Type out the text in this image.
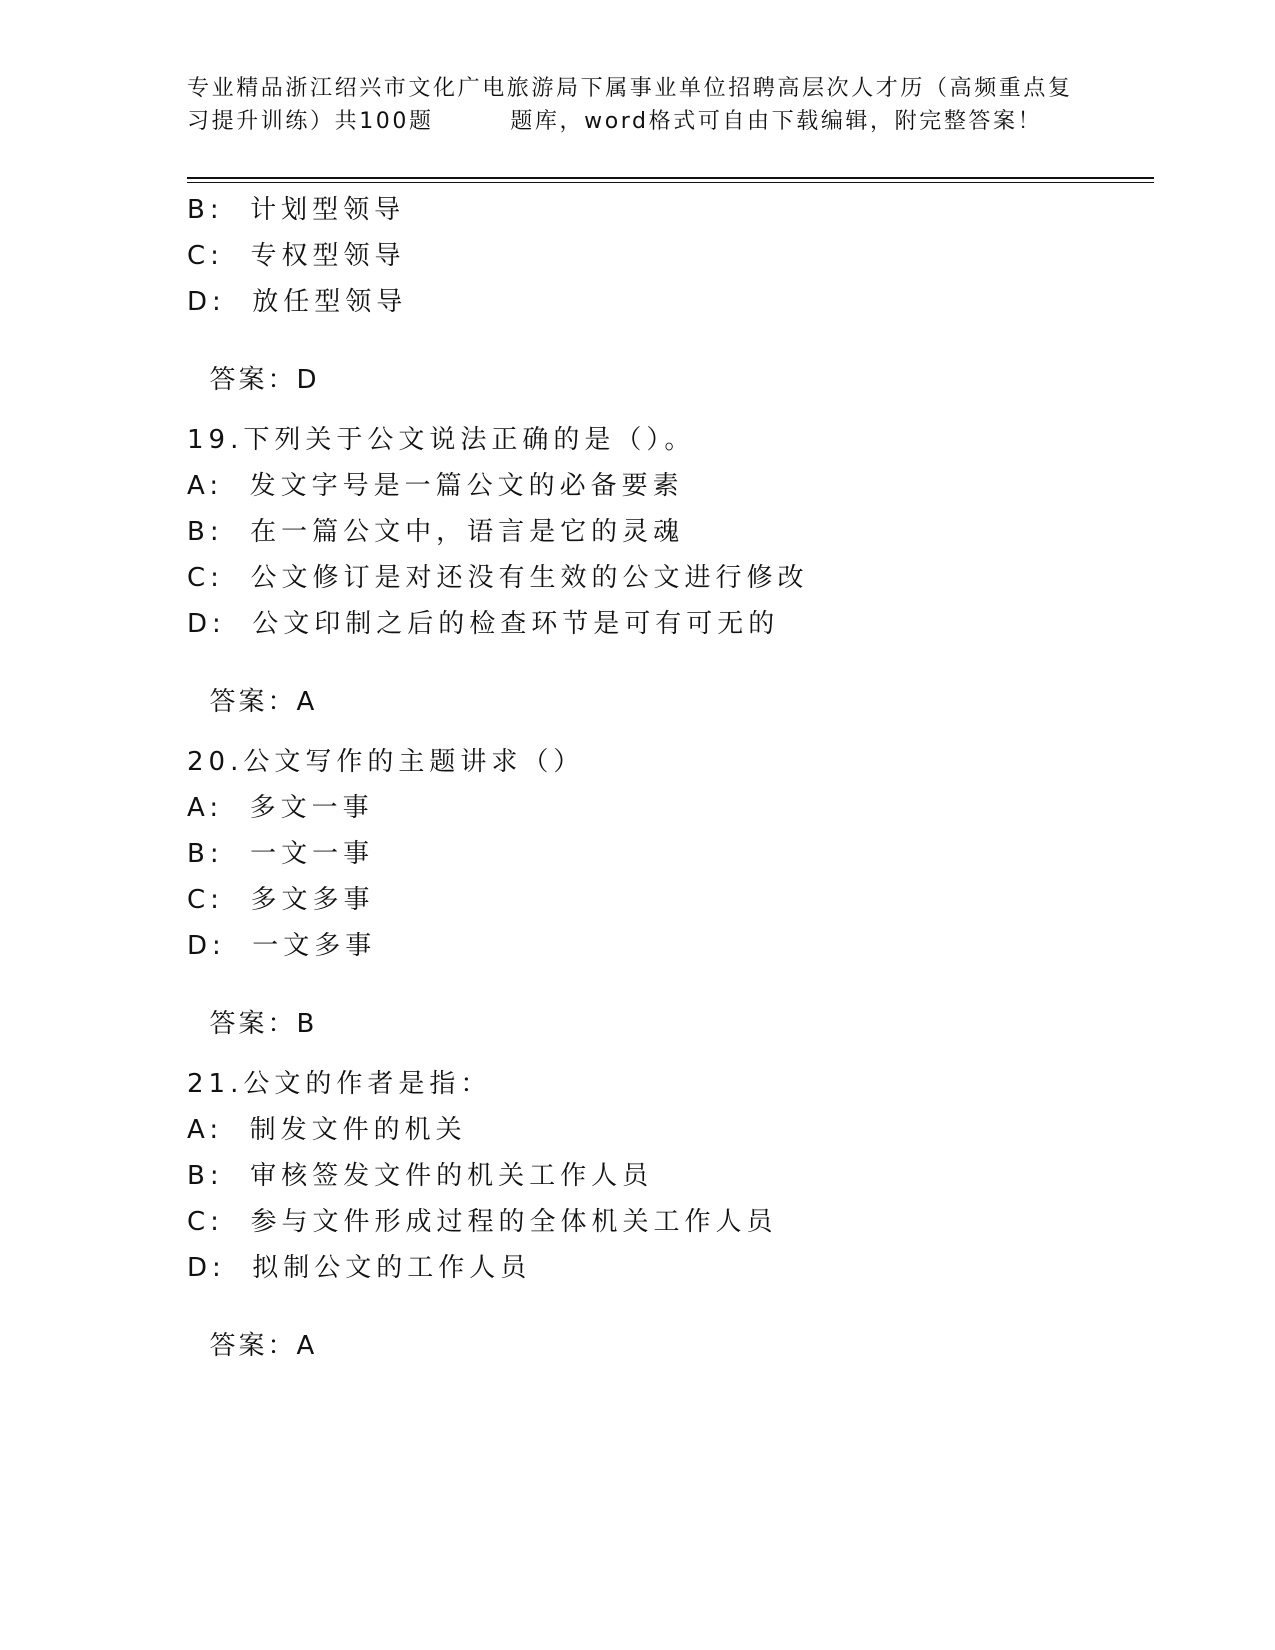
专业精品浙江绍兴市文化广电旅游局下属事业单位招聘高层次人才历（高频重点复
习提升训练）共100题        题库，word格式可自由下载编辑，附完整答案！
B:  计划型领导
C:  专权型领导
D:  放任型领导

答案：D

19.下列关于公文说法正确的是（）。
A:  发文字号是一篇公文的必备要素
B:  在一篇公文中，语言是它的灵魂
C:  公文修订是对还没有生效的公文进行修改
D:  公文印制之后的检查环节是可有可无的

答案：A

20.公文写作的主题讲求（）
A:  多文一事
B:  一文一事
C:  多文多事
D:  一文多事

答案：B

21.公文的作者是指：
A:  制发文件的机关
B:  审核签发文件的机关工作人员
C:  参与文件形成过程的全体机关工作人员
D:  拟制公文的工作人员

答案：A
